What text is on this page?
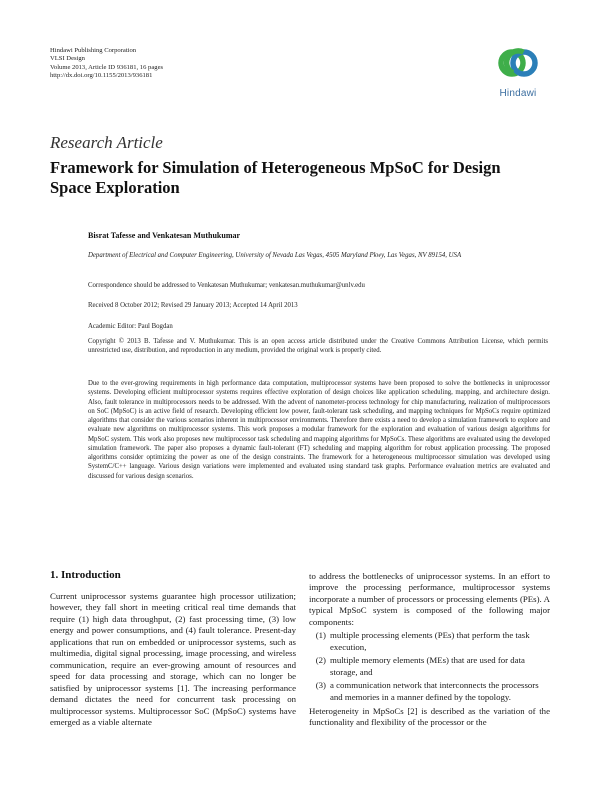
Hindawi Publishing Corporation
VLSI Design
Volume 2013, Article ID 936181, 16 pages
http://dx.doi.org/10.1155/2013/936181
Hindawi
Research Article
Framework for Simulation of Heterogeneous MpSoC for Design Space Exploration
Bisrat Tafesse and Venkatesan Muthukumar
Department of Electrical and Computer Engineering, University of Nevada Las Vegas, 4505 Maryland Pkwy, Las Vegas, NV 89154, USA
Correspondence should be addressed to Venkatesan Muthukumar; venkatesan.muthukumar@unlv.edu
Received 8 October 2012; Revised 29 January 2013; Accepted 14 April 2013
Academic Editor: Paul Bogdan
Copyright © 2013 B. Tafesse and V. Muthukumar. This is an open access article distributed under the Creative Commons Attribution License, which permits unrestricted use, distribution, and reproduction in any medium, provided the original work is properly cited.
Due to the ever-growing requirements in high performance data computation, multiprocessor systems have been proposed to solve the bottlenecks in uniprocessor systems. Developing efficient multiprocessor systems requires effective exploration of design choices like application scheduling, mapping, and architecture design. Also, fault tolerance in multiprocessors needs to be addressed. With the advent of nanometer-process technology for chip manufacturing, realization of multiprocessors on SoC (MpSoC) is an active field of research. Developing efficient low power, fault-tolerant task scheduling, and mapping techniques for MpSoCs require optimized algorithms that consider the various scenarios inherent in multiprocessor environments. Therefore there exists a need to develop a simulation framework to explore and evaluate new algorithms on multiprocessor systems. This work proposes a modular framework for the exploration and evaluation of various design algorithms for MpSoC system. This work also proposes new multiprocessor task scheduling and mapping algorithms for MpSoCs. These algorithms are evaluated using the developed simulation framework. The paper also proposes a dynamic fault-tolerant (FT) scheduling and mapping algorithm for robust application processing. The proposed algorithms consider optimizing the power as one of the design constraints. The framework for a heterogeneous multiprocessor simulation was developed using SystemC/C++ language. Various design variations were implemented and evaluated using standard task graphs. Performance evaluation metrics are evaluated and discussed for various design scenarios.
1. Introduction

Current uniprocessor systems guarantee high processor utilization; however, they fall short in meeting critical real time demands that require (1) high data throughput, (2) fast processing time, (3) low energy and power consumptions, and (4) fault tolerance. Present-day applications that run on embedded or uniprocessor systems, such as multimedia, digital signal processing, image processing, and wireless communication, require an ever-growing amount of resources and speed for data processing and storage, which can no longer be satisfied by uniprocessor systems [1]. The increasing performance demand dictates the need for concurrent task processing on multiprocessor systems. Multiprocessor SoC (MpSoC) systems have emerged as a viable alternate

to address the bottlenecks of uniprocessor systems. In an effort to improve the processing performance, multiprocessor systems incorporate a number of processors or processing elements (PEs). A typical MpSoC system is composed of the following major components:

(1) multiple processing elements (PEs) that perform the task execution,
(2) multiple memory elements (MEs) that are used for data storage, and
(3) a communication network that interconnects the processors and memories in a manner defined by the topology.

Heterogeneity in MpSoCs [2] is described as the variation of the functionality and flexibility of the processor or the
